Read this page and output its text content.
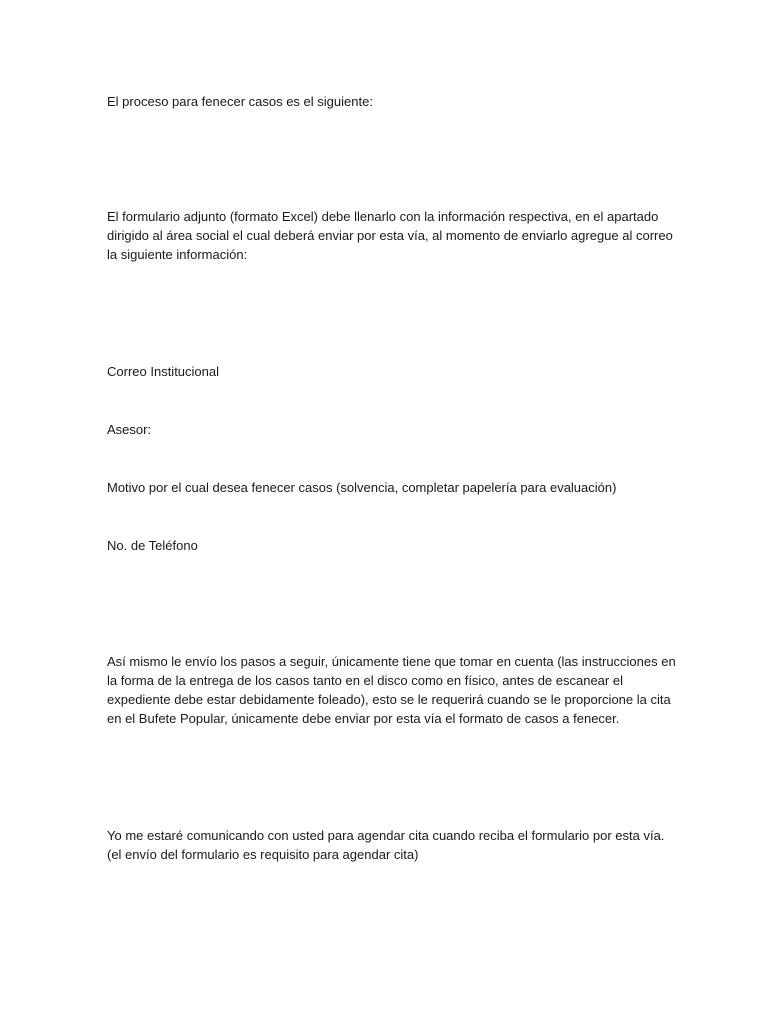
El proceso para fenecer casos es el siguiente:

El formulario adjunto (formato Excel) debe llenarlo con la información respectiva, en el apartado
dirigido al área social el cual deberá enviar por esta vía, al momento de enviarlo agregue al correo
la siguiente información:

Correo Institucional

Asesor:

Motivo por el cual desea fenecer casos (solvencia, completar papelería para evaluación)

No. de Teléfono

Así mismo le envío los pasos a seguir, únicamente tiene que tomar en cuenta (las instrucciones en
la forma de la entrega de los casos tanto en el disco como en físico, antes de escanear el
expediente debe estar debidamente foleado), esto se le requerirá cuando se le proporcione la cita
en el Bufete Popular, únicamente debe enviar por esta vía el formato de casos a fenecer.

Yo me estaré comunicando con usted para agendar cita cuando reciba el formulario por esta vía.
(el envío del formulario es requisito para agendar cita)
